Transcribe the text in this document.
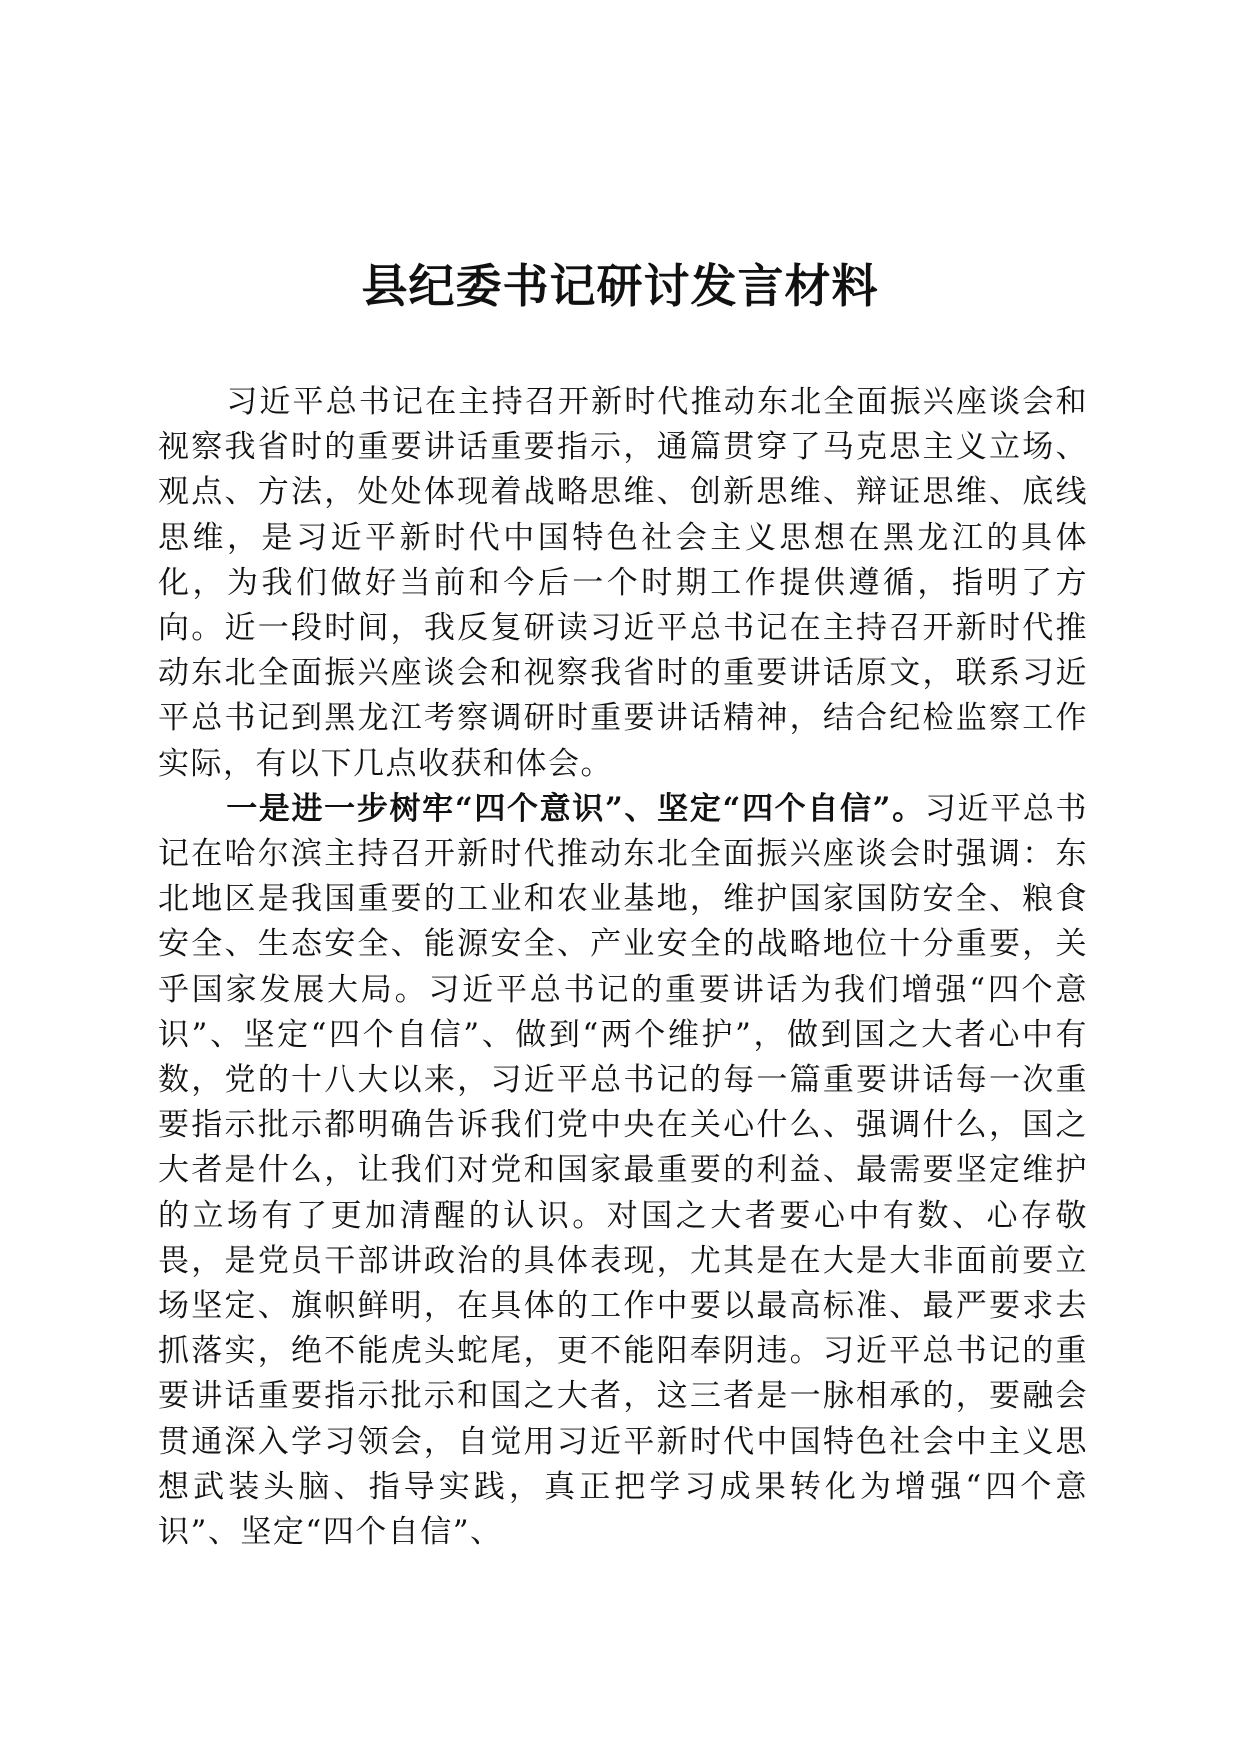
县纪委书记研讨发言材料

习近平总书记在主持召开新时代推动东北全面振兴座谈会和视察我省时的重要讲话重要指示，通篇贯穿了马克思主义立场、观点、方法，处处体现着战略思维、创新思维、辩证思维、底线思维，是习近平新时代中国特色社会主义思想在黑龙江的具体化，为我们做好当前和今后一个时期工作提供遵循，指明了方向。近一段时间，我反复研读习近平总书记在主持召开新时代推动东北全面振兴座谈会和视察我省时的重要讲话原文，联系习近平总书记到黑龙江考察调研时重要讲话精神，结合纪检监察工作实际，有以下几点收获和体会。

一是进一步树牢“四个意识”、坚定“四个自信”。习近平总书记在哈尔滨主持召开新时代推动东北全面振兴座谈会时强调：东北地区是我国重要的工业和农业基地，维护国家国防安全、粮食安全、生态安全、能源安全、产业安全的战略地位十分重要，关乎国家发展大局。习近平总书记的重要讲话为我们增强“四个意识”、坚定“四个自信”、做到“两个维护”，做到国之大者心中有数，党的十八大以来，习近平总书记的每一篇重要讲话每一次重要指示批示都明确告诉我们党中央在关心什么、强调什么，国之大者是什么，让我们对党和国家最重要的利益、最需要坚定维护的立场有了更加清醒的认识。对国之大者要心中有数、心存敬畏，是党员干部讲政治的具体表现，尤其是在大是大非面前要立场坚定、旗帜鲜明，在具体的工作中要以最高标准、最严要求去抓落实，绝不能虎头蛇尾，更不能阳奉阴违。习近平总书记的重要讲话重要指示批示和国之大者，这三者是一脉相承的，要融会贯通深入学习领会，自觉用习近平新时代中国特色社会中主义思想武装头脑、指导实践，真正把学习成果转化为增强“四个意识”、坚定“四个自信”、
